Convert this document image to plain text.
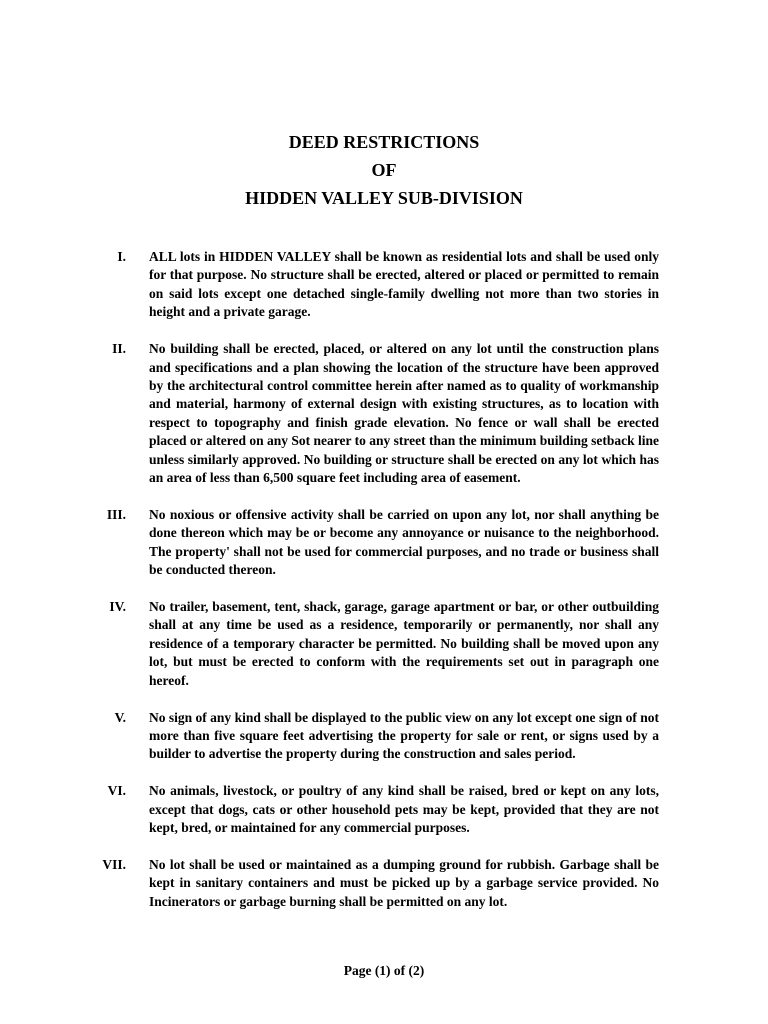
DEED RESTRICTIONS
OF
HIDDEN VALLEY SUB-DIVISION
I. ALL lots in HIDDEN VALLEY shall be known as residential lots and shall be used only for that purpose. No structure shall be erected, altered or placed or permitted to remain on said lots except one detached single-family dwelling not more than two stories in height and a private garage.
II. No building shall be erected, placed, or altered on any lot until the construction plans and specifications and a plan showing the location of the structure have been approved by the architectural control committee herein after named as to quality of workmanship and material, harmony of external design with existing structures, as to location with respect to topography and finish grade elevation. No fence or wall shall be erected placed or altered on any Sot nearer to any street than the minimum building setback line unless similarly approved. No building or structure shall be erected on any lot which has an area of less than 6,500 square feet including area of easement.
III. No noxious or offensive activity shall be carried on upon any lot, nor shall anything be done thereon which may be or become any annoyance or nuisance to the neighborhood. The property' shall not be used for commercial purposes, and no trade or business shall be conducted thereon.
IV. No trailer, basement, tent, shack, garage, garage apartment or bar, or other outbuilding shall at any time be used as a residence, temporarily or permanently, nor shall any residence of a temporary character be permitted. No building shall be moved upon any lot, but must be erected to conform with the requirements set out in paragraph one hereof.
V. No sign of any kind shall be displayed to the public view on any lot except one sign of not more than five square feet advertising the property for sale or rent, or signs used by a builder to advertise the property during the construction and sales period.
VI. No animals, livestock, or poultry of any kind shall be raised, bred or kept on any lots, except that dogs, cats or other household pets may be kept, provided that they are not kept, bred, or maintained for any commercial purposes.
VII. No lot shall be used or maintained as a dumping ground for rubbish. Garbage shall be kept in sanitary containers and must be picked up by a garbage service provided. No Incinerators or garbage burning shall be permitted on any lot.
Page (1) of (2)
